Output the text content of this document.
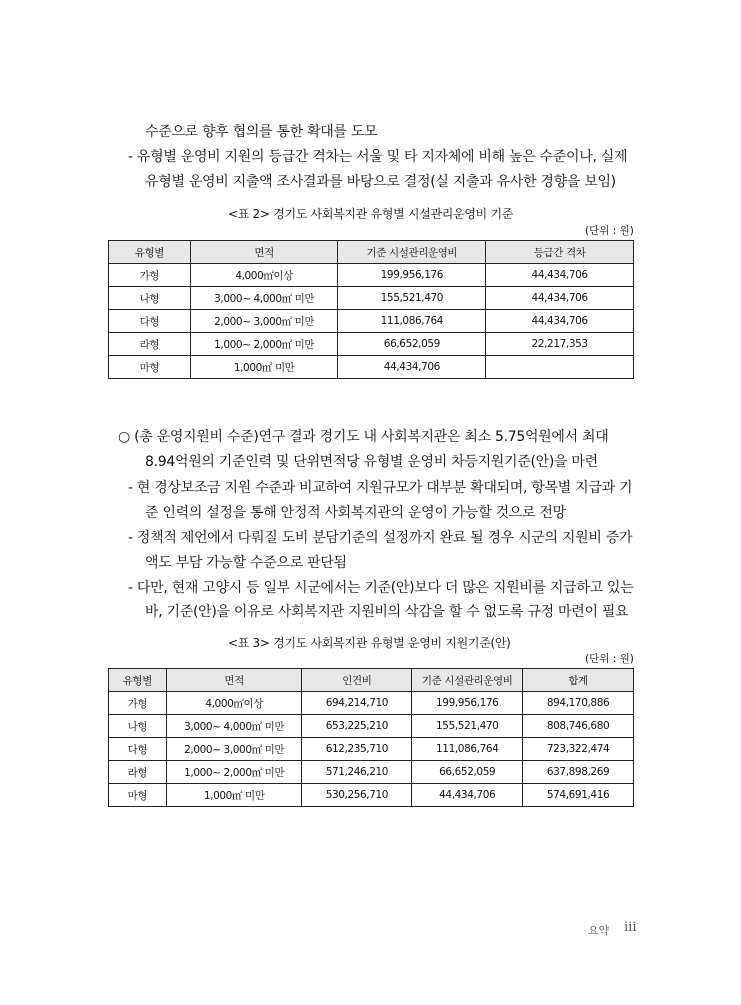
수준으로 향후 협의를 통한 확대를 도모
- 유형별 운영비 지원의 등급간 격차는 서울 및 타 지자체에 비해 높은 수준이나, 실제
유형별 운영비 지출액 조사결과를 바탕으로 결정(실 지출과 유사한 경향을 보임)
<표 2> 경기도 사회복지관 유형별 시설관리운영비 기준
(단위 : 원)
유형별	면적	기준 시설관리운영비	등급간 격차
가형	4,000㎡이상	199,956,176	44,434,706
나형	3,000~ 4,000㎡ 미만	155,521,470	44,434,706
다형	2,000~ 3,000㎡ 미만	111,086,764	44,434,706
라형	1,000~ 2,000㎡ 미만	66,652,059	22,217,353
마형	1,000㎡ 미만	44,434,706	
○ (총 운영지원비 수준)연구 결과 경기도 내 사회복지관은 최소 5.75억원에서 최대
8.94억원의 기준인력 및 단위면적당 유형별 운영비 차등지원기준(안)을 마련
- 현 경상보조금 지원 수준과 비교하여 지원규모가 대부분 확대되며, 항목별 지급과 기
준 인력의 설정을 통해 안정적 사회복지관의 운영이 가능할 것으로 전망
- 정책적 제언에서 다뤄질 도비 분담기준의 설정까지 완료 될 경우 시군의 지원비 증가
액도 부담 가능할 수준으로 판단됨
- 다만, 현재 고양시 등 일부 시군에서는 기준(안)보다 더 많은 지원비를 지급하고 있는
바, 기준(안)을 이유로 사회복지관 지원비의 삭감을 할 수 없도록 규정 마련이 필요
<표 3> 경기도 사회복지관 유형별 운영비 지원기준(안)
(단위 : 원)
유형별	면적	인건비	기준 시설관리운영비	합계
가형	4,000㎡이상	694,214,710	199,956,176	894,170,886
나형	3,000~ 4,000㎡ 미만	653,225,210	155,521,470	808,746,680
다형	2,000~ 3,000㎡ 미만	612,235,710	111,086,764	723,322,474
라형	1,000~ 2,000㎡ 미만	571,246,210	66,652,059	637,898,269
마형	1,000㎡ 미만	530,256,710	44,434,706	574,691,416
요약 iii
